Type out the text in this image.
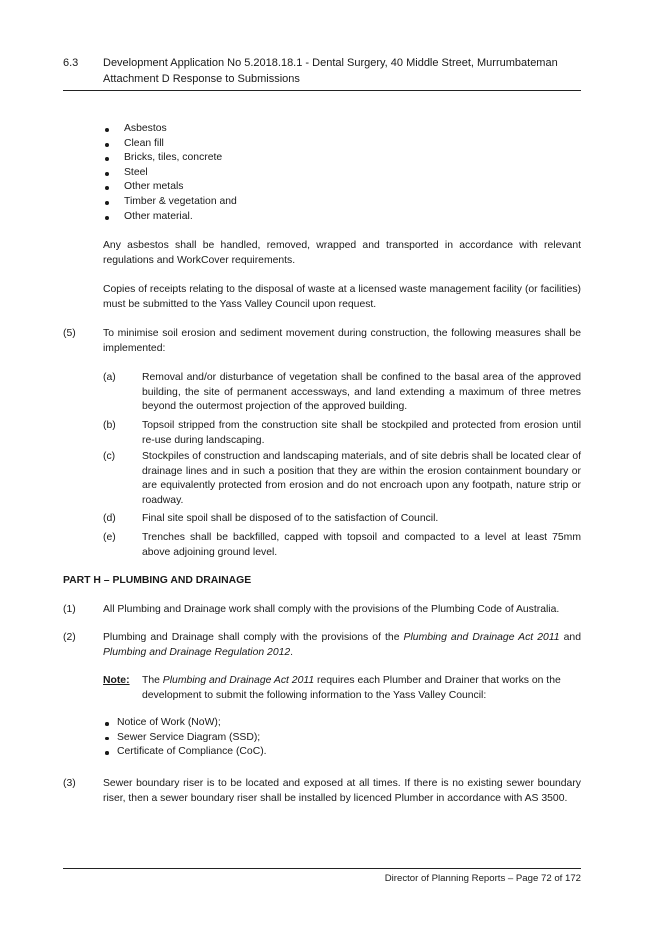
6.3 Development Application No 5.2018.18.1 - Dental Surgery, 40 Middle Street, Murrumbateman
Attachment D Response to Submissions
Asbestos
Clean fill
Bricks, tiles, concrete
Steel
Other metals
Timber & vegetation and
Other material.
Any asbestos shall be handled, removed, wrapped and transported in accordance with relevant regulations and WorkCover requirements.
Copies of receipts relating to the disposal of waste at a licensed waste management facility (or facilities) must be submitted to the Yass Valley Council upon request.
(5)	To minimise soil erosion and sediment movement during construction, the following measures shall be implemented:
(a)	Removal and/or disturbance of vegetation shall be confined to the basal area of the approved building, the site of permanent accessways, and land extending a maximum of three metres beyond the outermost projection of the approved building.
(b)	Topsoil stripped from the construction site shall be stockpiled and protected from erosion until re-use during landscaping.
(c)	Stockpiles of construction and landscaping materials, and of site debris shall be located clear of drainage lines and in such a position that they are within the erosion containment boundary or are equivalently protected from erosion and do not encroach upon any footpath, nature strip or roadway.
(d)	Final site spoil shall be disposed of to the satisfaction of Council.
(e)	Trenches shall be backfilled, capped with topsoil and compacted to a level at least 75mm above adjoining ground level.
PART H – PLUMBING AND DRAINAGE
(1)	All Plumbing and Drainage work shall comply with the provisions of the Plumbing Code of Australia.
(2)	Plumbing and Drainage shall comply with the provisions of the Plumbing and Drainage Act 2011 and Plumbing and Drainage Regulation 2012.
Note: The Plumbing and Drainage Act 2011 requires each Plumber and Drainer that works on the development to submit the following information to the Yass Valley Council:
Notice of Work (NoW);
Sewer Service Diagram (SSD);
Certificate of Compliance (CoC).
(3)	Sewer boundary riser is to be located and exposed at all times. If there is no existing sewer boundary riser, then a sewer boundary riser shall be installed by licenced Plumber in accordance with AS 3500.
Director of Planning Reports – Page 72 of 172
